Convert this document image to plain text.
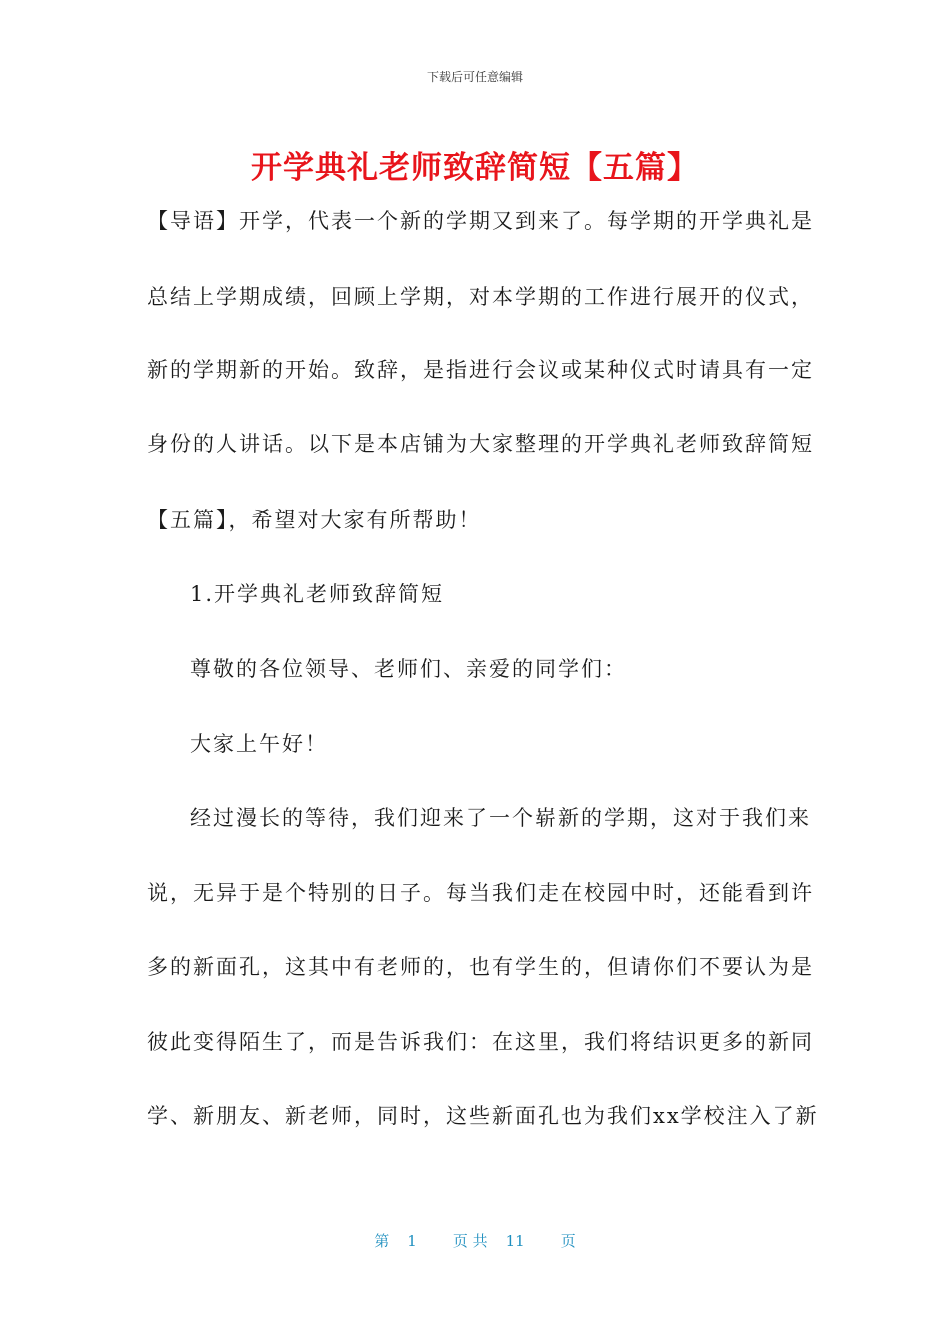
下载后可任意编辑
开学典礼老师致辞简短【五篇】

【导语】开学，代表一个新的学期又到来了。每学期的开学典礼是

总结上学期成绩，回顾上学期，对本学期的工作进行展开的仪式，

新的学期新的开始。致辞，是指进行会议或某种仪式时请具有一定

身份的人讲话。以下是本店铺为大家整理的开学典礼老师致辞简短

【五篇】，希望对大家有所帮助！

1.开学典礼老师致辞简短

尊敬的各位领导、老师们、亲爱的同学们：

大家上午好！

经过漫长的等待，我们迎来了一个崭新的学期，这对于我们来

说，无异于是个特别的日子。每当我们走在校园中时，还能看到许

多的新面孔，这其中有老师的，也有学生的，但请你们不要认为是

彼此变得陌生了，而是告诉我们：在这里，我们将结识更多的新同

学、新朋友、新老师，同时，这些新面孔也为我们xx学校注入了新

第 1 页 共 11 页
